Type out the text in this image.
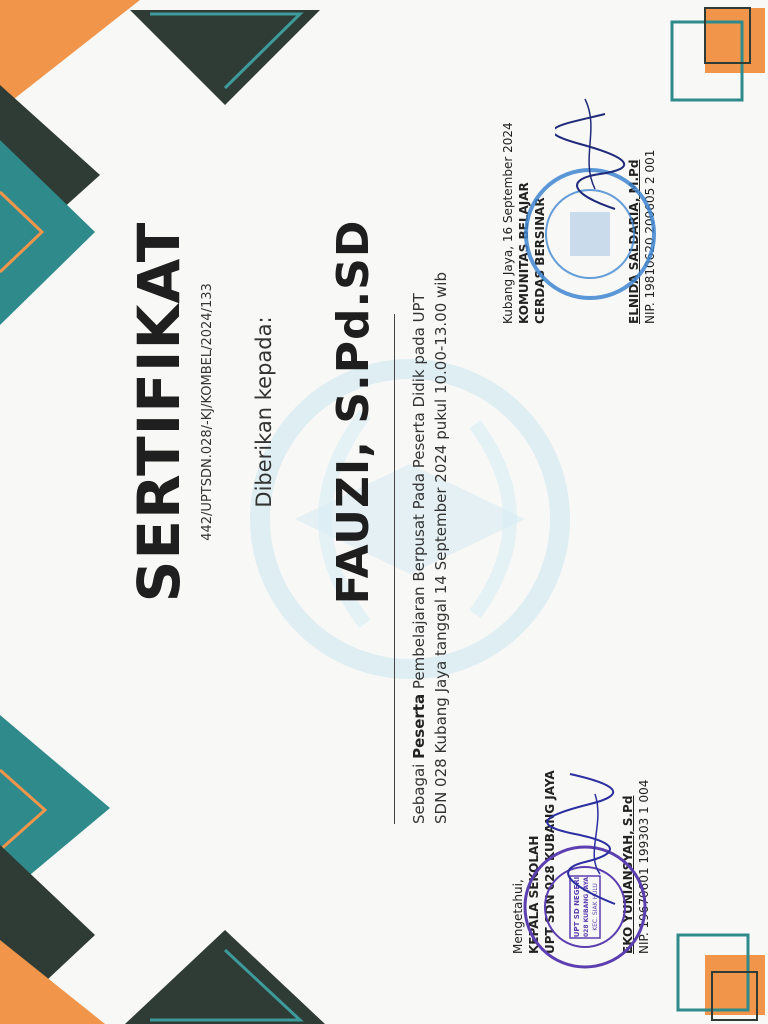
SERTIFIKAT 442/UPTSDN.028/-KJ/KOMBEL/2024/133 Diberikan kepada: FAUZI, S.Pd.SD
Sebagai Peserta Pembelajaran Berpusat Pada Peserta Didik pada UPT SDN 028 Kubang Jaya tanggal 14 September 2024 pukul 10.00-13.00 wib
Mengetahui, KEPALA SEKOLAH UPT SDN 028 KUBANG JAYA	EKO YUNIANSYAH, S.Pd NIP. 19670601 199303 1 004
UPT SD NEGERI 028 KUBANG JAYA KEC. SIAK HULU
Kubang Jaya, 16 September 2024 KOMUNITAS BELAJAR CERDAS BERSINAR	ELNIDA SALDARIA, M.Pd NIP. 19810620 200605 2 001
